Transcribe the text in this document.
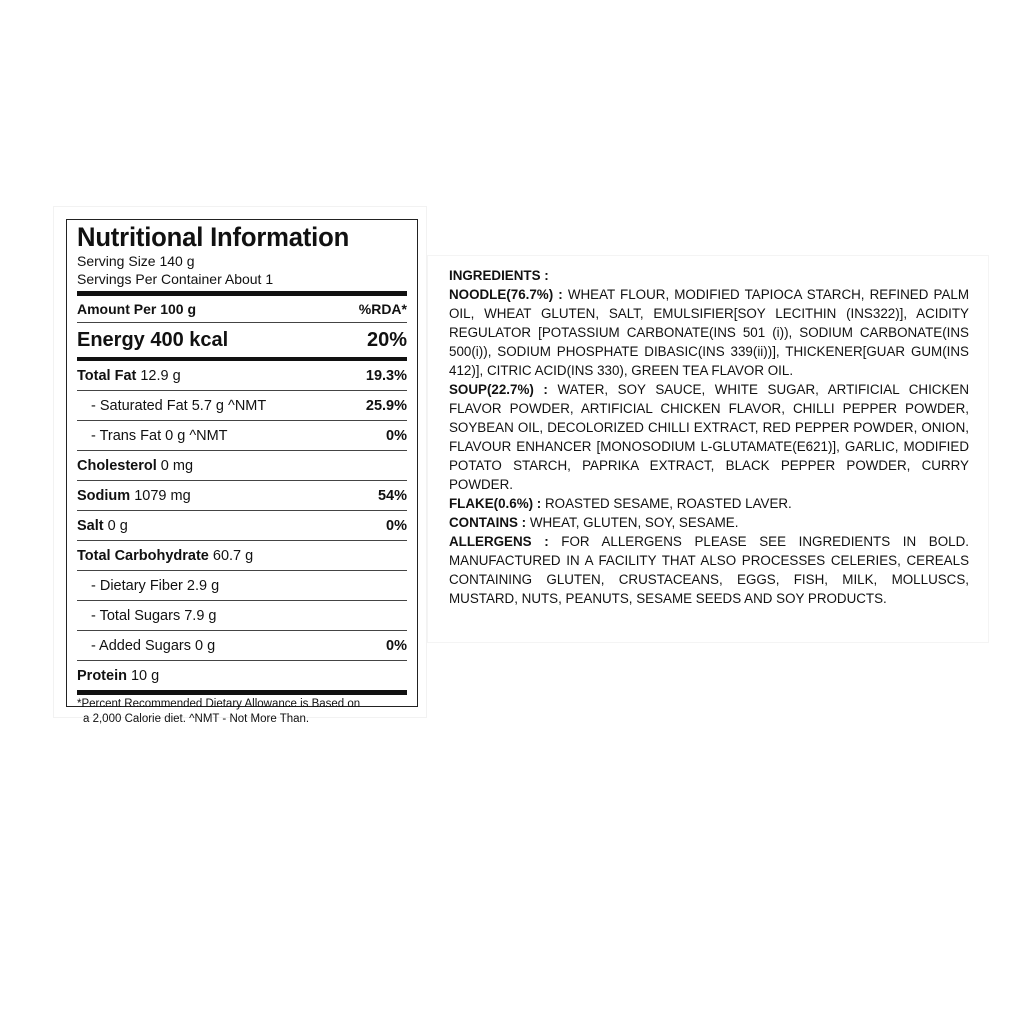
Nutritional Information
Serving Size 140 g
Servings Per Container About 1
Amount Per 100 g	%RDA*
Energy 400 kcal	20%
Total Fat 12.9 g	19.3%
- Saturated Fat 5.7 g ^NMT	25.9%
- Trans Fat 0 g ^NMT	0%
Cholesterol 0 mg
Sodium 1079 mg	54%
Salt 0 g	0%
Total Carbohydrate 60.7 g
- Dietary Fiber 2.9 g
- Total Sugars 7.9 g
- Added Sugars 0 g	0%
Protein 10 g
*Percent Recommended Dietary Allowance is Based on
a 2,000 Calorie diet. ^NMT - Not More Than.

INGREDIENTS :

NOODLE(76.7%) : WHEAT FLOUR, MODIFIED TAPIOCA STARCH, REFINED PALM OIL, WHEAT GLUTEN, SALT, EMULSIFIER[SOY LECITHIN (INS322)], ACIDITY REGULATOR [POTASSIUM CARBONATE(INS 501 (i)), SODIUM CARBONATE(INS 500(i)), SODIUM PHOSPHATE DIBASIC(INS 339(ii))], THICKENER[GUAR GUM(INS 412)], CITRIC ACID(INS 330), GREEN TEA FLAVOR OIL.

SOUP(22.7%) : WATER, SOY SAUCE, WHITE SUGAR, ARTIFICIAL CHICKEN FLAVOR POWDER, ARTIFICIAL CHICKEN FLAVOR, CHILLI PEPPER POWDER, SOYBEAN OIL, DECOLORIZED CHILLI EXTRACT, RED PEPPER POWDER, ONION, FLAVOUR ENHANCER [MONOSODIUM L-GLUTAMATE(E621)], GARLIC, MODIFIED POTATO STARCH, PAPRIKA EXTRACT, BLACK PEPPER POWDER, CURRY POWDER.

FLAKE(0.6%) : ROASTED SESAME, ROASTED LAVER.

CONTAINS : WHEAT, GLUTEN, SOY, SESAME.

ALLERGENS : FOR ALLERGENS PLEASE SEE INGREDIENTS IN BOLD. MANUFACTURED IN A FACILITY THAT ALSO PROCESSES CELERIES, CEREALS CONTAINING GLUTEN, CRUSTACEANS, EGGS, FISH, MILK, MOLLUSCS, MUSTARD, NUTS, PEANUTS, SESAME SEEDS AND SOY PRODUCTS.
